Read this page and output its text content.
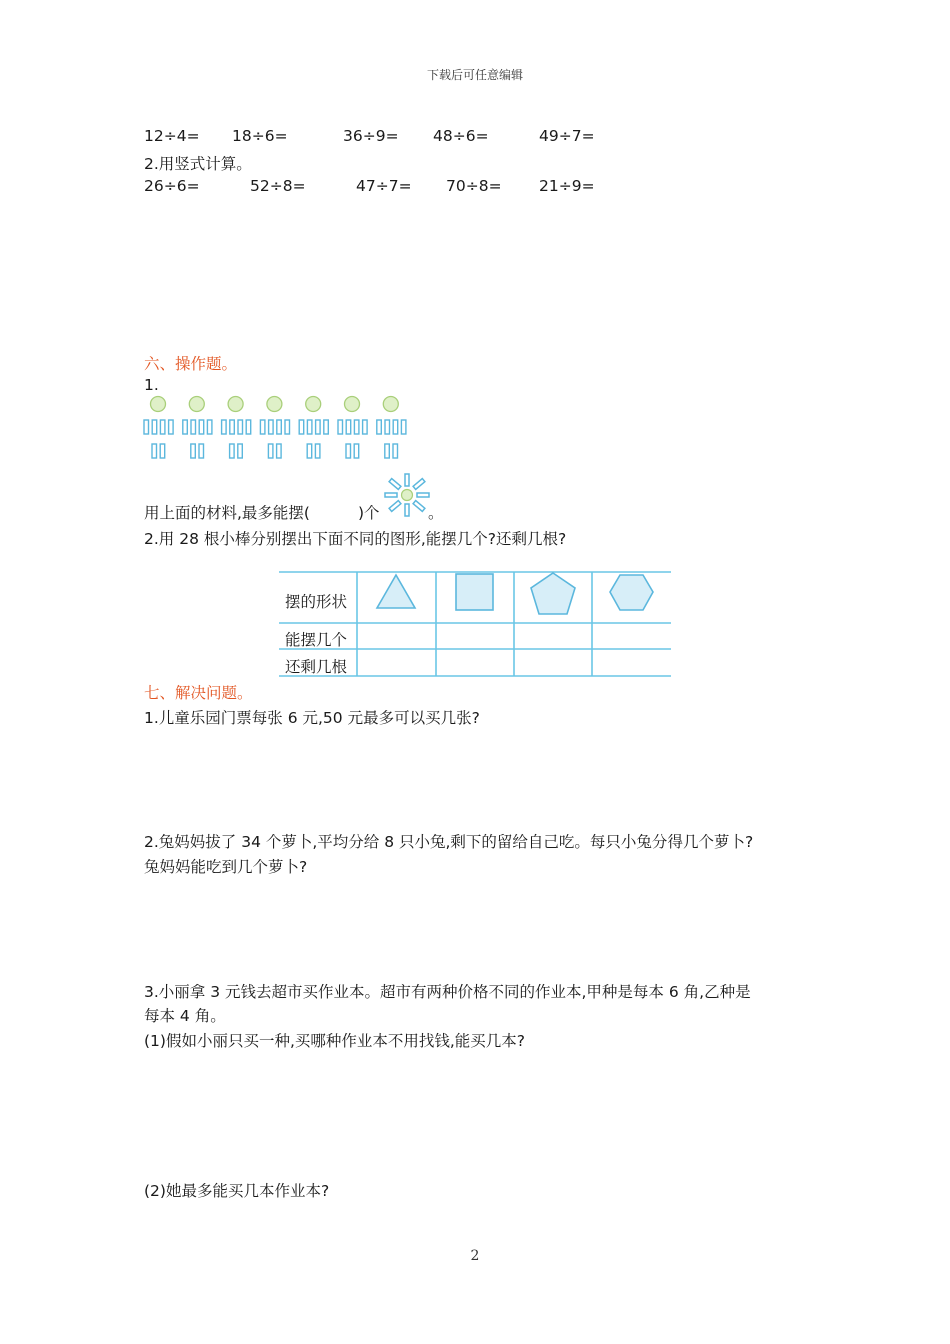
下载后可任意编辑
12÷4= 18÷6=	36÷9= 48÷6=	49÷7=
2.用竖式计算。
26÷6=	52÷8=	47÷7= 70÷8= 21÷9=
六、操作题。
1.
用上面的材料,最多能摆(	)个	。
2.用 28 根小棒分别摆出下面不同的图形,能摆几个?还剩几根?
摆的形状
能摆几个
还剩几根
七、解决问题。
1.儿童乐园门票每张 6 元,50 元最多可以买几张?
2.兔妈妈拔了 34 个萝卜,平均分给 8 只小兔,剩下的留给自己吃。每只小兔分得几个萝卜?
兔妈妈能吃到几个萝卜?
3.小丽拿 3 元钱去超市买作业本。超市有两种价格不同的作业本,甲种是每本 6 角,乙种是
每本 4 角。
(1)假如小丽只买一种,买哪种作业本不用找钱,能买几本?
(2)她最多能买几本作业本?
2
